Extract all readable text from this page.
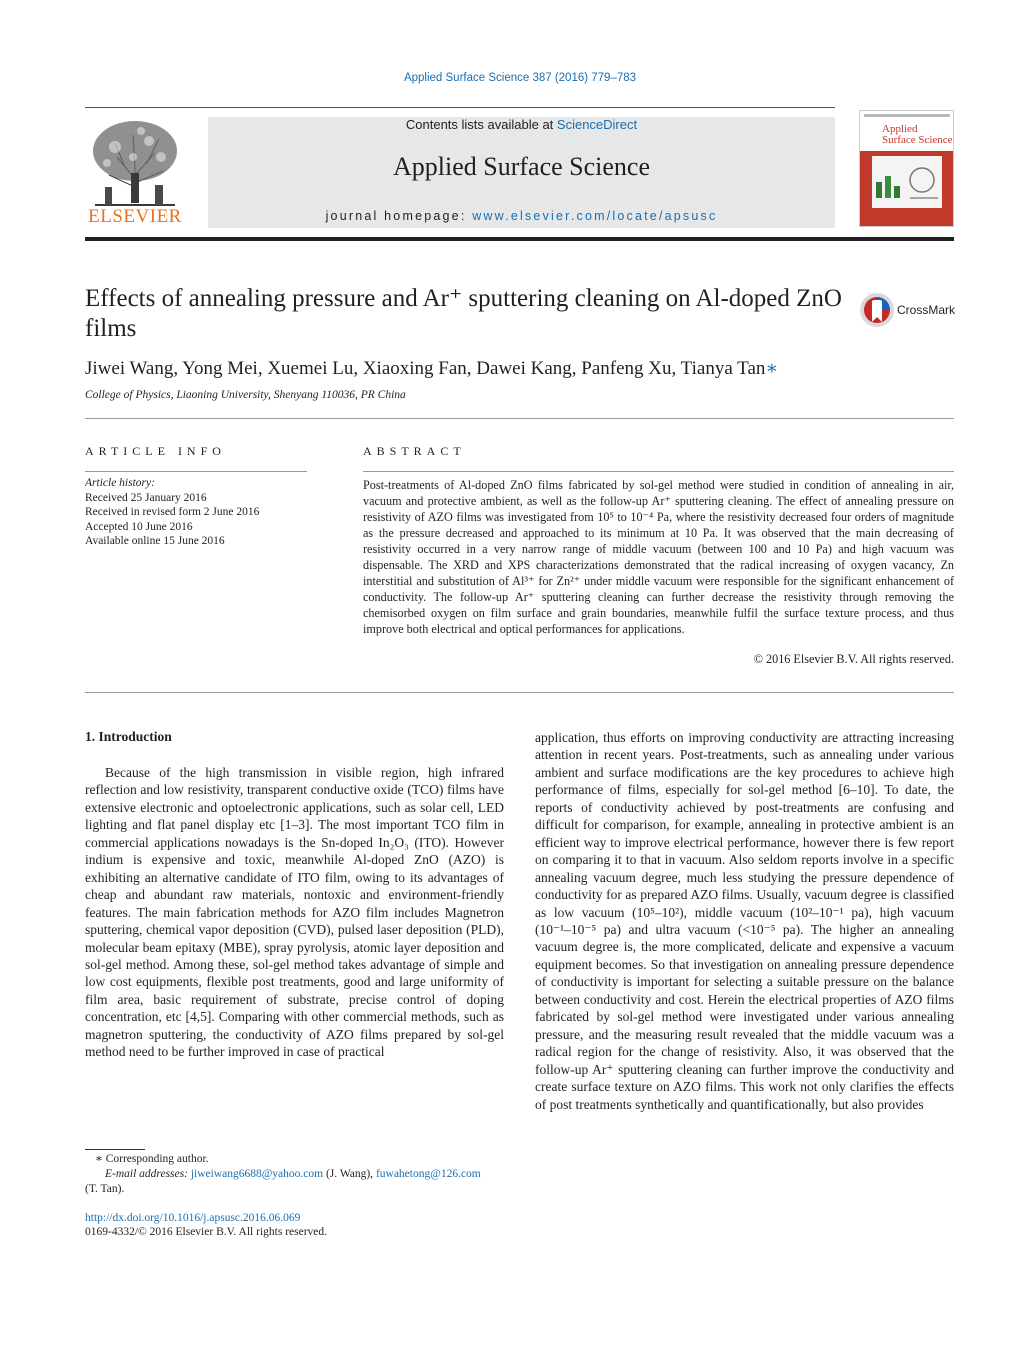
Applied Surface Science 387 (2016) 779–783
ELSEVIER
Contents lists available at ScienceDirect
Applied Surface Science
journal homepage: www.elsevier.com/locate/apsusc
Applied Surface Science
Effects of annealing pressure and Ar⁺ sputtering cleaning on Al-doped ZnO films
CrossMark
Jiwei Wang, Yong Mei, Xuemei Lu, Xiaoxing Fan, Dawei Kang, Panfeng Xu, Tianya Tan∗
College of Physics, Liaoning University, Shenyang 110036, PR China
ARTICLE INFO
Article history:
Received 25 January 2016
Received in revised form 2 June 2016
Accepted 10 June 2016
Available online 15 June 2016
ABSTRACT
Post-treatments of Al-doped ZnO films fabricated by sol-gel method were studied in condition of annealing in air, vacuum and protective ambient, as well as the follow-up Ar⁺ sputtering cleaning. The effect of annealing pressure on resistivity of AZO films was investigated from 10⁵ to 10⁻⁴ Pa, where the resistivity decreased four orders of magnitude as the pressure decreased and approached to its minimum at 10 Pa. It was observed that the main decreasing of resistivity occurred in a very narrow range of middle vacuum (between 100 and 10 Pa) and high vacuum was dispensable. The XRD and XPS characterizations demonstrated that the radical increasing of oxygen vacancy, Zn interstitial and substitution of Al³⁺ for Zn²⁺ under middle vacuum were responsible for the significant enhancement of conductivity. The follow-up Ar⁺ sputtering cleaning can further decrease the resistivity through removing the chemisorbed oxygen on film surface and grain boundaries, meanwhile fulfil the surface texture process, and thus improve both electrical and optical performances for applications.
© 2016 Elsevier B.V. All rights reserved.
1. Introduction
Because of the high transmission in visible region, high infrared reflection and low resistivity, transparent conductive oxide (TCO) films have extensive electronic and optoelectronic applications, such as solar cell, LED lighting and flat panel display etc [1–3]. The most important TCO film in commercial applications nowadays is the Sn-doped In₂O₃ (ITO). However indium is expensive and toxic, meanwhile Al-doped ZnO (AZO) is exhibiting an alternative candidate of ITO film, owing to its advantages of cheap and abundant raw materials, nontoxic and environment-friendly features. The main fabrication methods for AZO film includes Magnetron sputtering, chemical vapor deposition (CVD), pulsed laser deposition (PLD), molecular beam epitaxy (MBE), spray pyrolysis, atomic layer deposition and sol-gel method. Among these, sol-gel method takes advantage of simple and low cost equipments, flexible post treatments, good and large uniformity of film area, basic requirement of substrate, precise control of doping concentration, etc [4,5]. Comparing with other commercial methods, such as magnetron sputtering, the conductivity of AZO films prepared by sol-gel method need to be further improved in case of practical
application, thus efforts on improving conductivity are attracting increasing attention in recent years. Post-treatments, such as annealing under various ambient and surface modifications are the key procedures to achieve high performance of films, especially for sol-gel method [6–10]. To date, the reports of conductivity achieved by post-treatments are confusing and difficult for comparison, for example, annealing in protective ambient is an efficient way to improve electrical performance, however there is few report on comparing it to that in vacuum. Also seldom reports involve in a specific annealing vacuum degree, much less studying the pressure dependence of conductivity for as prepared AZO films. Usually, vacuum degree is classified as low vacuum (10⁵–10²), middle vacuum (10²–10⁻¹ pa), high vacuum (10⁻¹–10⁻⁵ pa) and ultra vacuum (<10⁻⁵ pa). The higher an annealing vacuum degree is, the more complicated, delicate and expensive a vacuum equipment becomes. So that investigation on annealing pressure dependence of conductivity is important for selecting a suitable pressure on the balance between conductivity and cost. Herein the electrical properties of AZO films fabricated by sol-gel method were investigated under various annealing pressure, and the measuring result revealed that the middle vacuum was a radical region for the change of resistivity. Also, it was observed that the follow-up Ar⁺ sputtering cleaning can further improve the conductivity and create surface texture on AZO films. This work not only clarifies the effects of post treatments synthetically and quantificationally, but also provides
∗ Corresponding author.
E-mail addresses: jiweiwang6688@yahoo.com (J. Wang), fuwahetong@126.com
(T. Tan).
http://dx.doi.org/10.1016/j.apsusc.2016.06.069
0169-4332/© 2016 Elsevier B.V. All rights reserved.
